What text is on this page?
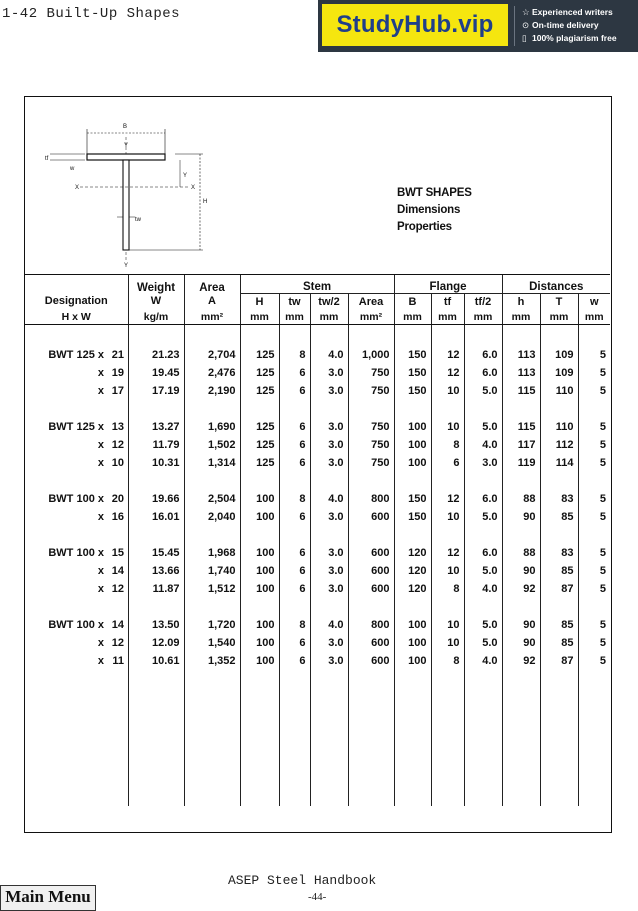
1-42 Built-Up Shapes	StudyHub.vip	☆ Experienced writers
⊙ On-time delivery
▯ 100% plagiarism free
B
Y
Y
tf
w
X	X
H
Y
tw
BWT SHAPES
Dimensions
Properties
	Weight	Area	Stem				Flange			Distances		
Designation	W	A	H	tw	tw/2	Area	B	tf	tf/2	h	T	w
H x W	kg/m	mm²	mm	mm	mm	mm²	mm	mm	mm	mm	mm	mm

BWT 125 x 21	21.23	2,704	125	8	4.0	1,000	150	12	6.0	113	109	5
x 19	19.45	2,476	125	6	3.0	750	150	12	6.0	113	109	5
x 17	17.19	2,190	125	6	3.0	750	150	10	5.0	115	110	5

BWT 125 x 13	13.27	1,690	125	6	3.0	750	100	10	5.0	115	110	5
x 12	11.79	1,502	125	6	3.0	750	100	8	4.0	117	112	5
x 10	10.31	1,314	125	6	3.0	750	100	6	3.0	119	114	5

BWT 100 x 20	19.66	2,504	100	8	4.0	800	150	12	6.0	88	83	5
x 16	16.01	2,040	100	6	3.0	600	150	10	5.0	90	85	5

BWT 100 x 15	15.45	1,968	100	6	3.0	600	120	12	6.0	88	83	5
x 14	13.66	1,740	100	6	3.0	600	120	10	5.0	90	85	5
x 12	11.87	1,512	100	6	3.0	600	120	8	4.0	92	87	5

BWT 100 x 14	13.50	1,720	100	8	4.0	800	100	10	5.0	90	85	5
x 12	12.09	1,540	100	6	3.0	600	100	10	5.0	90	85	5
x 11	10.61	1,352	100	6	3.0	600	100	8	4.0	92	87	5

ASEP Steel Handbook
-44-
Main Menu
